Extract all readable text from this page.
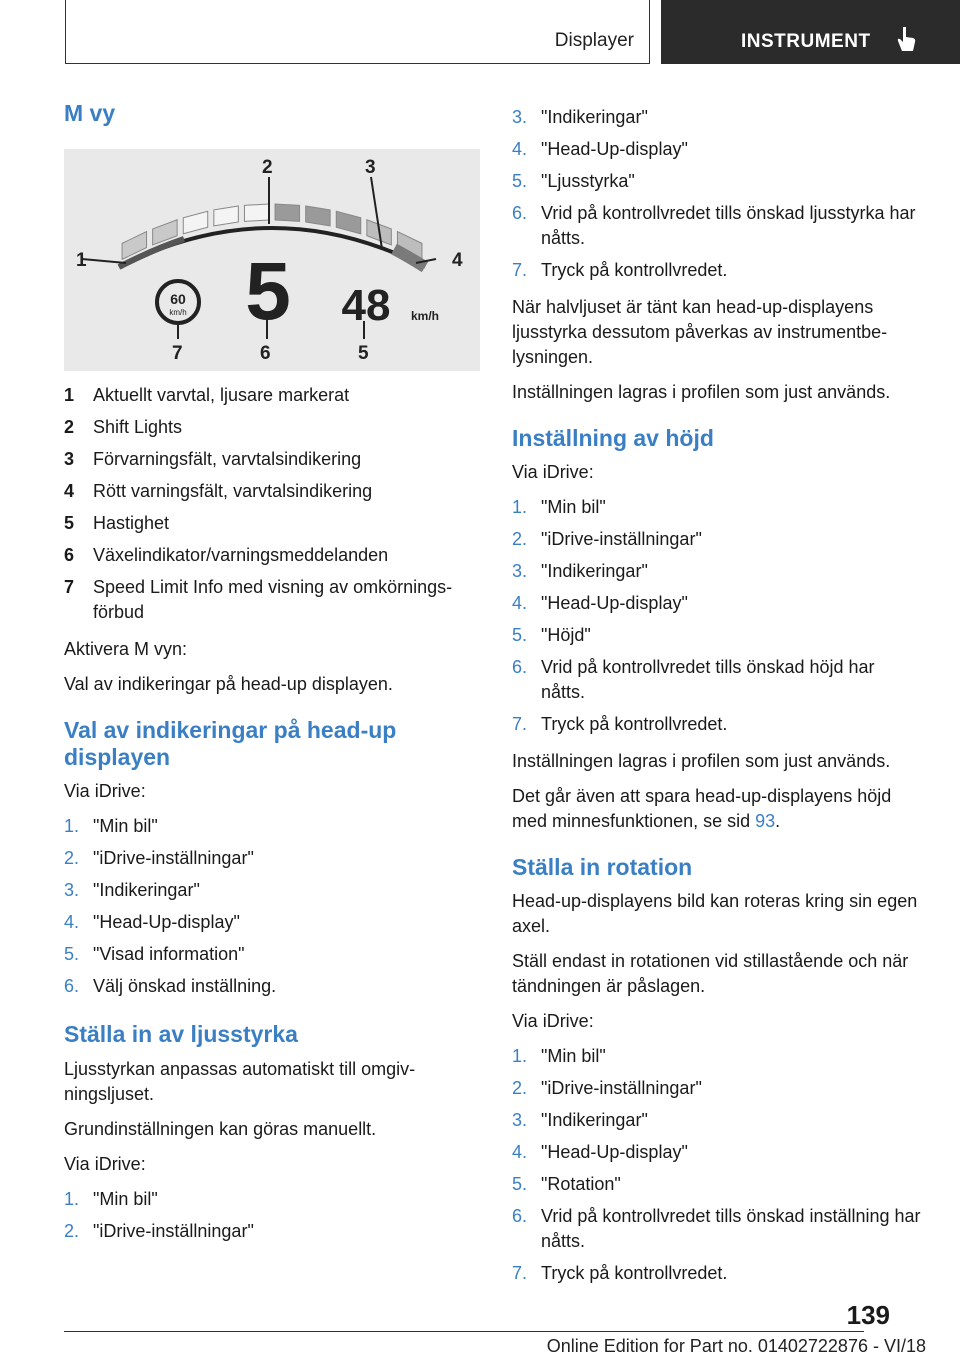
Displayer	INSTRUMENT
M vy
1
2	3
4
5
6
7
60
km/h 5 48 km/h
1 Aktuellt varvtal, ljusare markerat
2 Shift Lights
3 Förvarningsfält, varvtalsindikering
4 Rött varningsfält, varvtalsindikering
5 Hastighet
6 Växelindikator/varningsmeddelanden
7 Speed Limit Info med visning av omkörnings-förbud

Aktivera M vyn:

Val av indikeringar på head-up displayen.

Val av indikeringar på head-up displayen

Via iDrive:

1. "Min bil"
2. "iDrive-inställningar"
3. "Indikeringar"
4. "Head-Up-display"
5. "Visad information"
6. Välj önskad inställning.
Ställa in av ljusstyrka

Ljusstyrkan anpassas automatiskt till omgiv-ningsljuset.

Grundinställningen kan göras manuellt.

Via iDrive:

1. "Min bil"
2. "iDrive-inställningar"
3. "Indikeringar"
4. "Head-Up-display"
5. "Ljusstyrka"
6. Vrid på kontrollvredet tills önskad ljusstyrka har nåtts.
7. Tryck på kontrollvredet.

När halvljuset är tänt kan head-up-displayens ljusstyrka dessutom påverkas av instrumentbe-lysningen.

Inställningen lagras i profilen som just används.

Inställning av höjd

Via iDrive:

1. "Min bil"
2. "iDrive-inställningar"
3. "Indikeringar"
4. "Head-Up-display"
5. "Höjd"
6. Vrid på kontrollvredet tills önskad höjd har nåtts.
7. Tryck på kontrollvredet.

Inställningen lagras i profilen som just används.

Det går även att spara head-up-displayens höjd med minnesfunktionen, se sid 93.

Ställa in rotation

Head-up-displayens bild kan roteras kring sin egen axel.

Ställ endast in rotationen vid stillastående och när tändningen är påslagen.

Via iDrive:

1. "Min bil"
2. "iDrive-inställningar"
3. "Indikeringar"
4. "Head-Up-display"
5. "Rotation"
6. Vrid på kontrollvredet tills önskad inställning har nåtts.
7. Tryck på kontrollvredet.
139
Online Edition for Part no. 01402722876 - VI/18
